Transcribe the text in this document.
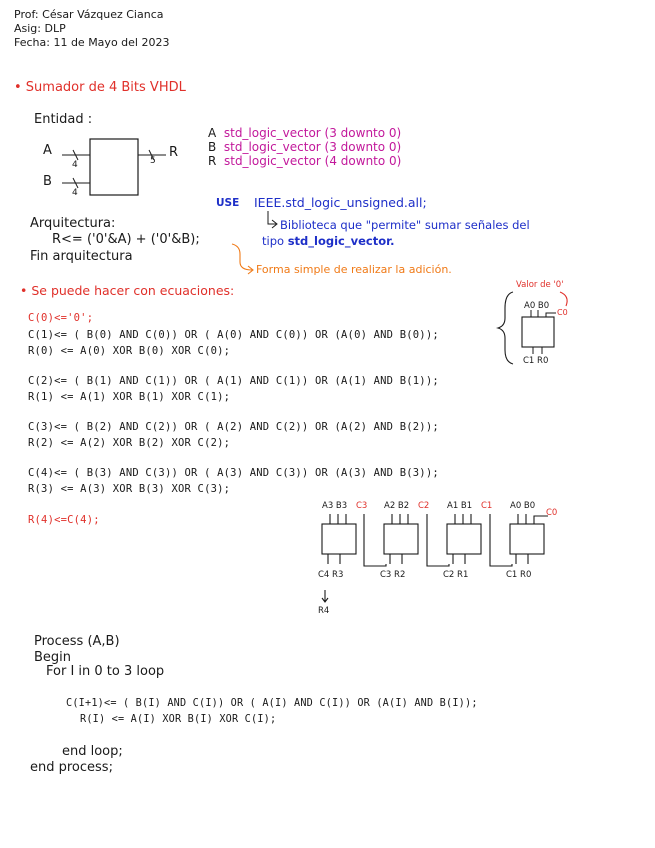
Prof: César Vázquez Cianca
Asig: DLP
Fecha: 11 de Mayo del 2023
• Sumador de 4 Bits VHDL
Entidad :
A
B
R
4
4
5
A std_logic_vector (3 downto 0)
B std_logic_vector (3 downto 0)
R std_logic_vector (4 downto 0)
USE IEEE.std_logic_unsigned.all;
Biblioteca que "permite" sumar señales del
tipo std_logic_vector.
Arquitectura:
R<= ('0'&A) + ('0'&B);
Fin arquitectura
Forma simple de realizar la adición.
• Se puede hacer con ecuaciones:
C(0)<='0';
C(1)<= ( B(0) AND C(0)) OR ( A(0) AND C(0)) OR (A(0) AND B(0));
R(0) <= A(0) XOR B(0) XOR C(0);
C(2)<= ( B(1) AND C(1)) OR ( A(1) AND C(1)) OR (A(1) AND B(1));
R(1) <= A(1) XOR B(1) XOR C(1);
C(3)<= ( B(2) AND C(2)) OR ( A(2) AND C(2)) OR (A(2) AND B(2));
R(2) <= A(2) XOR B(2) XOR C(2);
C(4)<= ( B(3) AND C(3)) OR ( A(3) AND C(3)) OR (A(3) AND B(3));
R(3) <= A(3) XOR B(3) XOR C(3);
R(4)<=C(4);
Valor de '0'
A0 B0
C0
C1 R0
A3 B3 C3
C4 R3
A2 B2 C2
C3 R2
A1 B1 C1
C2 R1
A0 B0
C0
C1 R0
R4
Process (A,B)
Begin
For I in 0 to 3 loop
C(I+1)<= ( B(I) AND C(I)) OR ( A(I) AND C(I)) OR (A(I) AND B(I));
R(I) <= A(I) XOR B(I) XOR C(I);
end loop;
end process;
